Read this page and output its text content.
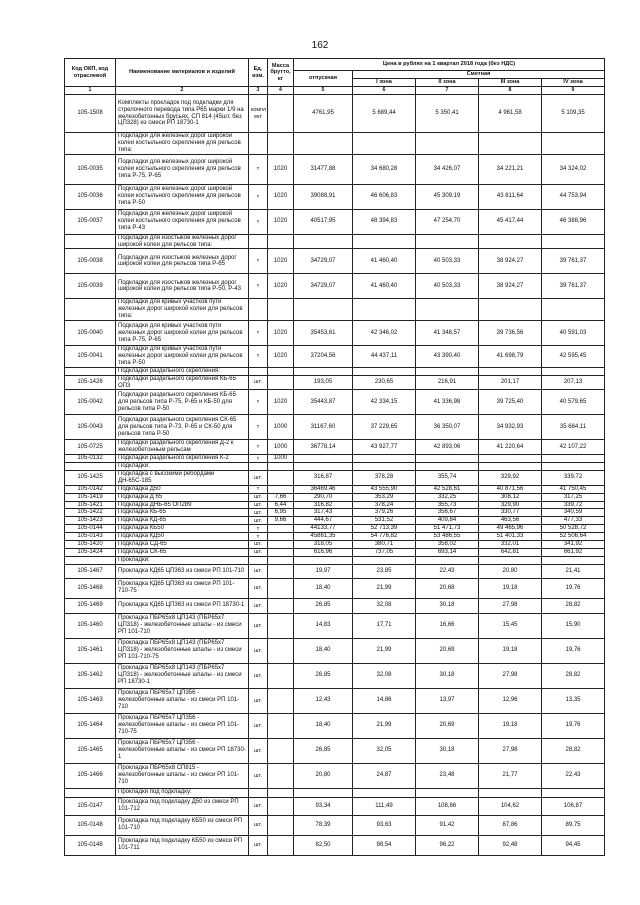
162
Код ОКП, код отраслевой	Наименование материалов и изделий	Ед. изм.	Масса брутто, кг	Цена в рублях на 1 квартал 2018 года (без НДС)				
				отпускная	Сметная			
					I зона	II зона	III зона	IV зона
1	2	3	4	5	6	7	8	9
105-1508	Комплекты прокладок под подкладки для стрелочного перевода типа Р65 марки 1/9 на железобетонных брусьях, СП 814 (45шт. без ЦП328) из смеси РП 18730-1	компл ект		4761,95	5 689,44	5 350,41	4 961,58	5 109,35
	Подкладки для железных дорог широкой колеи костыльного скрепления для рельсов типа:							
105-0035	Подкладки для железных дорог широкой колеи костыльного скрепления для рельсов типа Р-75, Р-65	т	1020	31477,88	34 680,28	34 426,07	34 221,21	34 324,02
105-0036	Подкладки для железных дорог широкой колеи костыльного скрепления для рельсов типа Р-50	т	1020	39088,91	46 606,83	45 309,19	43 811,64	44 753,94
105-0037	Подкладки для железных дорог широкой колеи костыльного скрепления для рельсов типа Р-43	т	1020	40517,95	48 394,83	47 254,70	45 417,44	46 388,96
	Подкладки для изостыков железных дорог широкой колеи для рельсов типа:							
105-0038	Подкладки для изостыков железных дорог широкой колеи для рельсов типа Р-65	т	1020	34729,07	41 460,40	40 503,33	38 924,27	39 761,37
105-0039	Подкладки для изостыков железных дорог широкой колеи для рельсов типа Р-50, Р-43	т	1020	34729,07	41 460,40	40 503,33	38 924,27	39 761,37
	Подкладки для кривых участков пути железных дорог широкой колеи для рельсов типа:							
105-0040	Подкладки для кривых участков пути железных дорог широкой колеи для рельсов типа Р-75, Р-65	т	1020	35453,61	42 346,02	41 348,57	39 736,56	40 591,03
105-0041	Подкладки для кривых участков пути железных дорог широкой колеи для рельсов типа Р-50	т	1020	37204,56	44 437,11	43 390,40	41 698,79	42 595,45
	Подкладки раздельного скрепления:							
105-1426	Подкладки раздельного скрепления КБ-65 ОП3	шт.		193,05	230,65	216,91	201,17	207,13
105-0042	Подкладки раздельного скрепления КБ-65 для рельсов типа Р-75, Р-65 и КБ-50 для рельсов типа Р-50	т	1020	35443,87	42 334,15	41 336,98	39 725,40	40 579,65
105-0043	Подкладки раздельного скрепления СК-65 для рельсов типа Р-73, Р-65 и СК-50 для рельсов типа Р-50	т	1000	31167,60	37 229,65	36 350,07	34 932,93	35 684,11
105-0725	Подкладки раздельного скрепления Д-2 к железобетонным рельсам	т	1000	36778,14	43 927,77	42 893,06	41 220,64	42 107,22
105-0132	Подкладки раздельного скрепления К-2	т	1000					
	Подкладки:							
105-1425	Подкладка с высокими ребордами ДН-65С-185	шт.		316,87	378,28	355,74	329,92	339,72
105-0142	Подкладка Д50	т		36469,46	43 555,90	42 528,61	40 871,56	41 750,45
105-1419	Подкладка Д 65	шт.	7,66	290,70	353,29	332,25	308,12	317,25
105-1421	Подкладка ДНБ-65 ОП289	шт.	6,44	316,82	378,24	355,73	329,90	339,72
105-1422	Подкладка КБ-65	шт.	6,95	317,43	379,26	356,67	330,77	340,59
105-1423	Подкладка КД-65	шт.	9,66	444,67	531,52	409,84	463,56	477,33
105-0144	Подкладка КБ50	т		44133,77	52 713,39	51 471,73	49 465,96	50 528,72
105-0143	Подкладка КД50	т		45861,35	54 776,82	53 486,55	51 401,33	52 506,64
105-1420	Подкладка СД-65	шт.		318,05	380,71	358,02	332,01	341,92
105-1424	Подкладка СК-65	шт.		616,96	737,05	693,14	642,81	661,92
	Прокладки:							
105-1467	Прокладка КД65 ЦП363 из смеси РП 101-710	шт.		19,97	23,85	22,43	20,80	21,41
105-1468	Прокладка КД65 ЦП363 из смеси РП 101-710-75	шт.		18,40	21,99	20,68	19,18	19,76
105-1469	Прокладка КД65 ЦП363 из смеси РП 18730-1	шт.		26,85	32,08	30,18	27,98	28,82
105-1460	Прокладка ПБР65х8 ЦП143 (ПБР65х7 ЦП318) - железобетонные шпалы - из смеси РП 101-710	шт.		14,83	17,71	16,66	15,45	15,90
105-1461	Прокладка ПБР65х8 ЦП143 (ПБР65х7 ЦП318) - железобетонные шпалы - из смеси РП 101-710-75	шт.		18,40	21,99	20,69	19,18	19,76
105-1462	Прокладка ПБР65х8 ЦП143 (ПБР65х7 ЦП318) - железобетонные шпалы - из смеси РП 18730-1	шт.		26,85	32,08	30,18	27,98	28,82
105-1463	Прокладка ПБР65х7 ЦП356 - железобетонные шпалы - из смеси РП 101-710	шт.		12,43	14,86	13,97	12,96	13,35
105-1464	Прокладка ПБР65х7 ЦП356 - железобетонные шпалы - из смеси РП 101-710-75	шт.		18,40	21,99	20,69	19,18	19,76
105-1465	Прокладка ПБР65х7 ЦП356 - железобетонные шпалы - из смеси РП 18730-1	шт.		26,85	32,05	30,18	27,98	28,82
105-1466	Прокладка ПБР65х8 СП815 - железобетонные шпалы - из смеси РП 101-710	шт.		20,80	24,87	23,48	21,77	22,43
	Прокладки под подкладку:							
105-0147	Прокладка под подкладку Д50 из смеси РП 101-712	шт.		93,34	111,49	108,86	104,62	106,87
105-0148	Прокладка под подкладку КБ50 из смеси РП 101-710	шт.		78,39	93,63	91,42	87,86	89,75
105-0148	Прокладка под подкладку КБ50 из смеси РП 101-711	шт.		82,50	98,54	96,22	92,48	94,45
